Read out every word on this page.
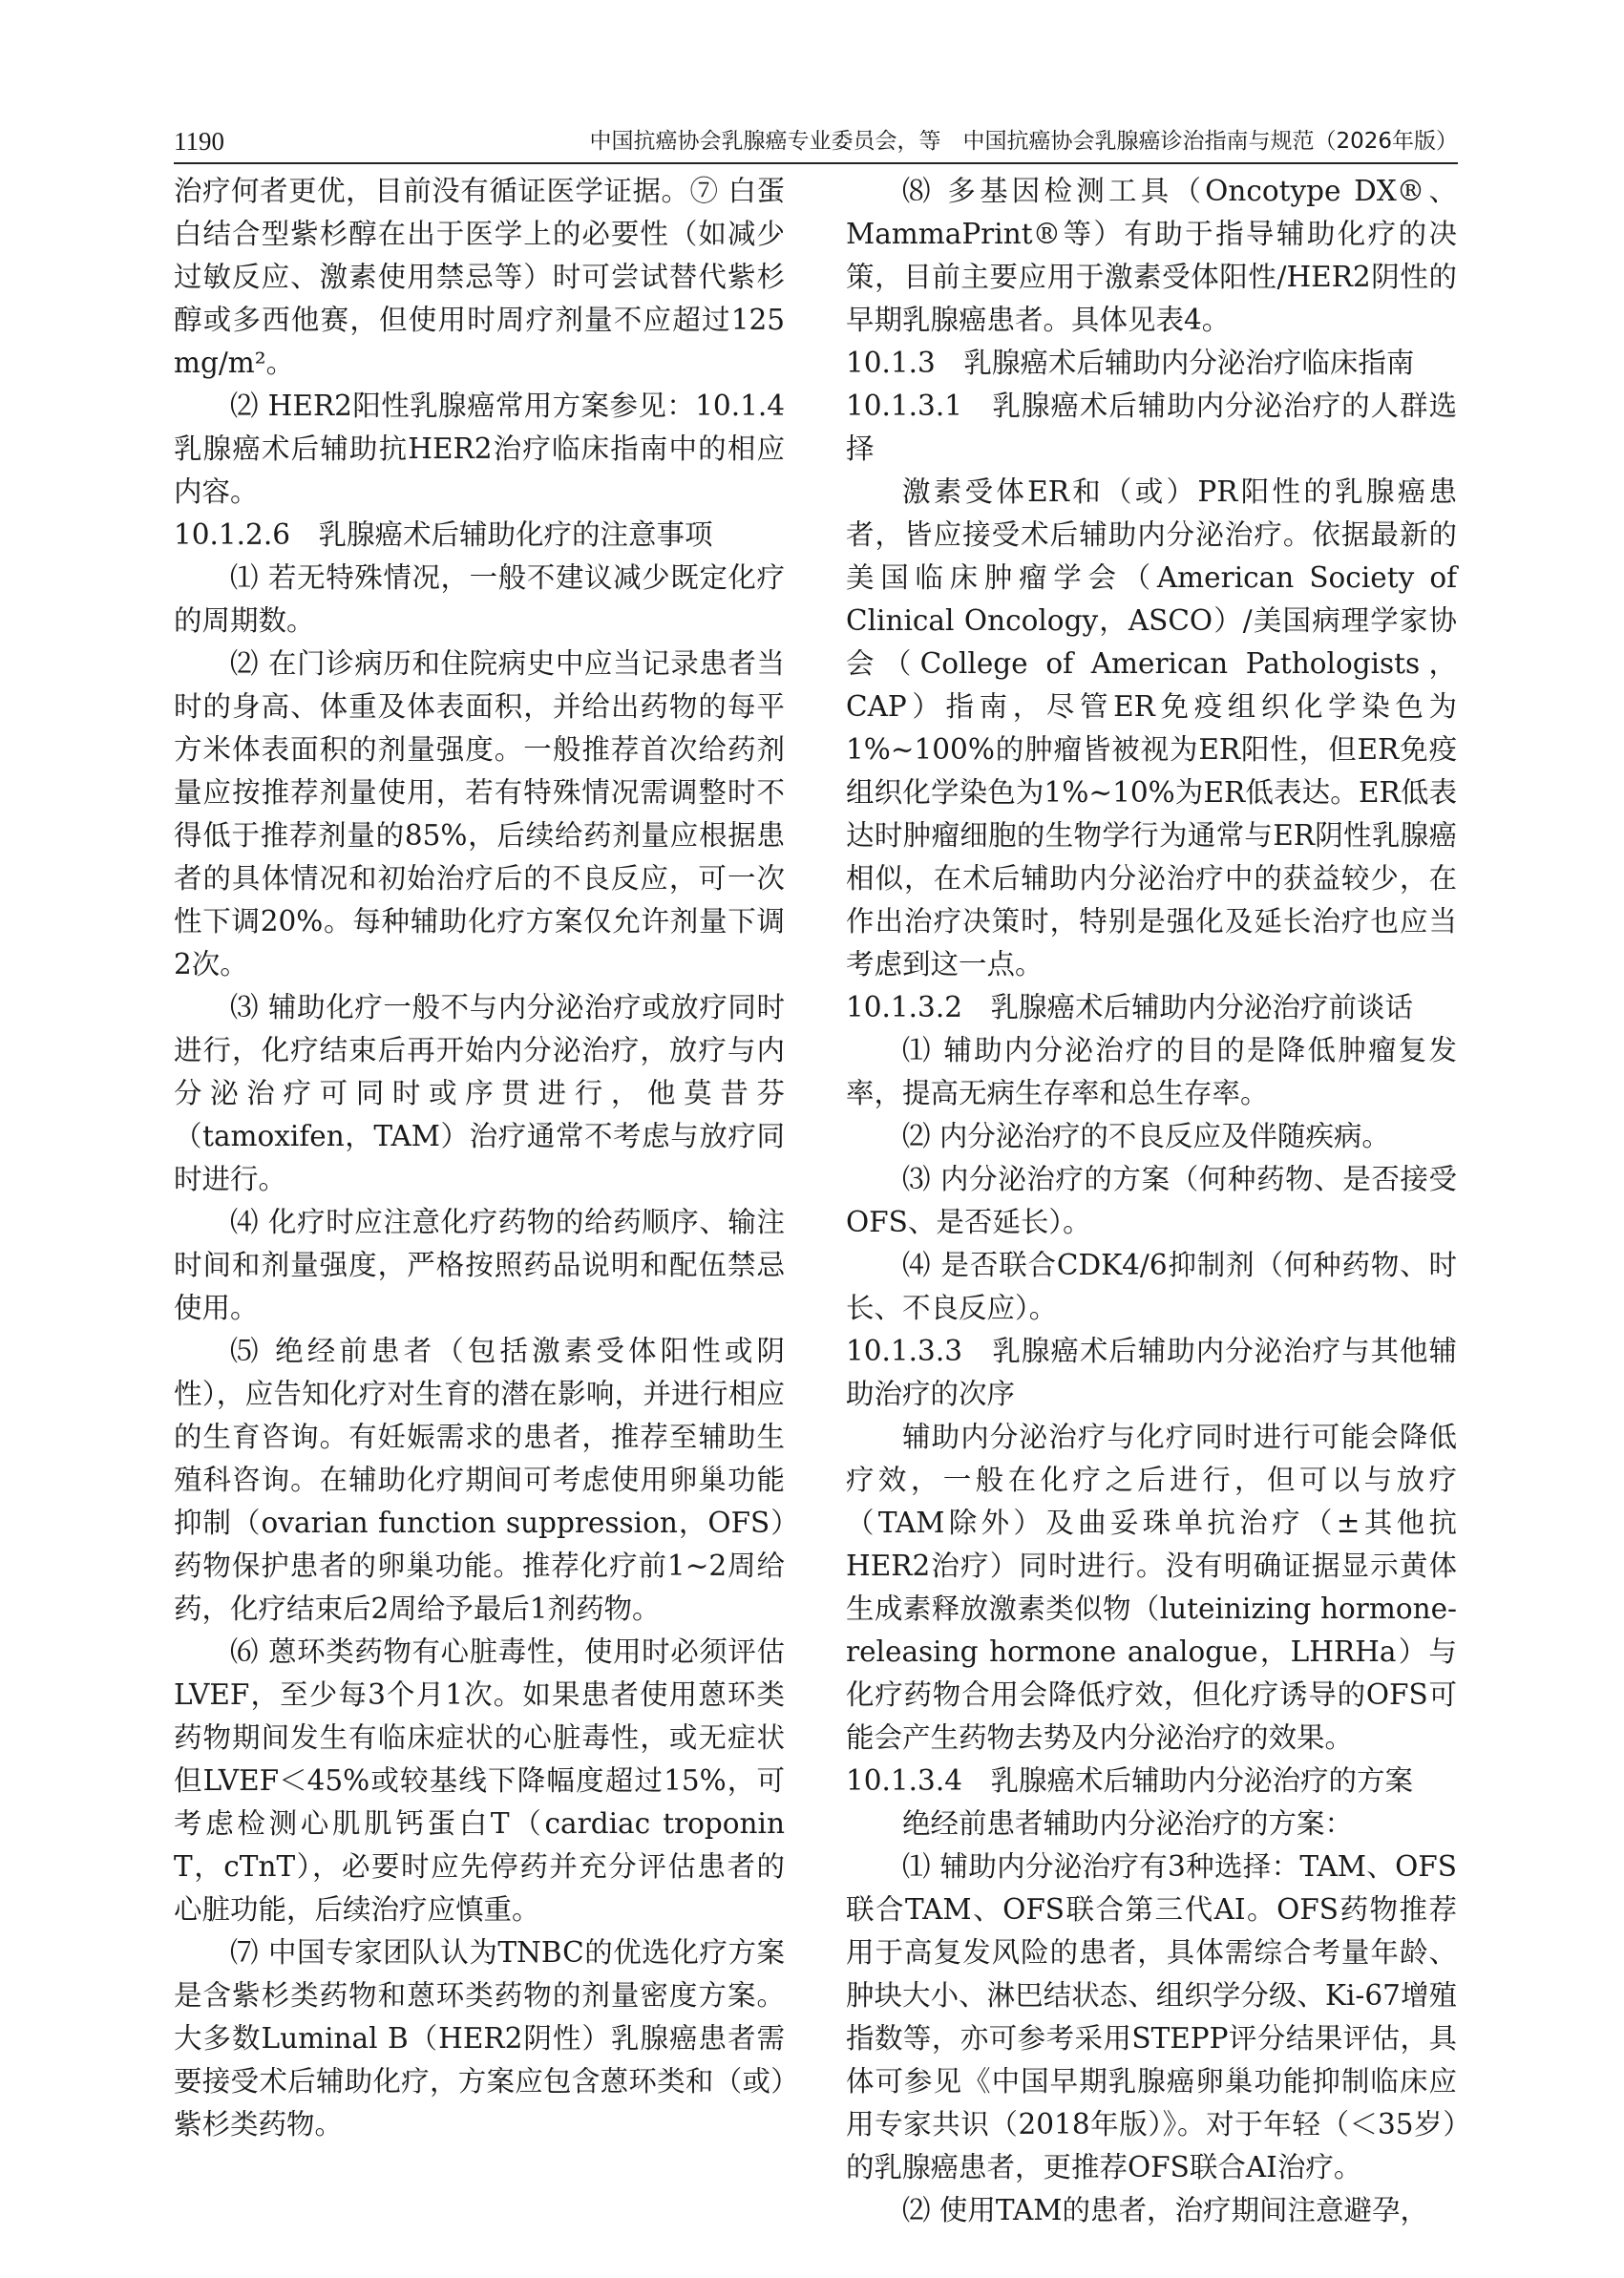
1190	中国抗癌协会乳腺癌专业委员会，等　中国抗癌协会乳腺癌诊治指南与规范（2026年版）

治疗何者更优，目前没有循证医学证据。⑦ 白蛋白结合型紫杉醇在出于医学上的必要性（如减少过敏反应、激素使用禁忌等）时可尝试替代紫杉醇或多西他赛，但使用时周疗剂量不应超过125 mg/m²。

⑵ HER2阳性乳腺癌常用方案参见：10.1.4 乳腺癌术后辅助抗HER2治疗临床指南中的相应内容。

10.1.2.6　乳腺癌术后辅助化疗的注意事项

⑴ 若无特殊情况，一般不建议减少既定化疗的周期数。

⑵ 在门诊病历和住院病史中应当记录患者当时的身高、体重及体表面积，并给出药物的每平方米体表面积的剂量强度。一般推荐首次给药剂量应按推荐剂量使用，若有特殊情况需调整时不得低于推荐剂量的85%，后续给药剂量应根据患者的具体情况和初始治疗后的不良反应，可一次性下调20%。每种辅助化疗方案仅允许剂量下调2次。

⑶ 辅助化疗一般不与内分泌治疗或放疗同时进行，化疗结束后再开始内分泌治疗，放疗与内分泌治疗可同时或序贯进行，他莫昔芬（tamoxifen，TAM）治疗通常不考虑与放疗同时进行。

⑷ 化疗时应注意化疗药物的给药顺序、输注时间和剂量强度，严格按照药品说明和配伍禁忌使用。

⑸ 绝经前患者（包括激素受体阳性或阴性），应告知化疗对生育的潜在影响，并进行相应的生育咨询。有妊娠需求的患者，推荐至辅助生殖科咨询。在辅助化疗期间可考虑使用卵巢功能抑制（ovarian function suppression，OFS）药物保护患者的卵巢功能。推荐化疗前1~2周给药，化疗结束后2周给予最后1剂药物。

⑹ 蒽环类药物有心脏毒性，使用时必须评估LVEF，至少每3个月1次。如果患者使用蒽环类药物期间发生有临床症状的心脏毒性，或无症状但LVEF＜45%或较基线下降幅度超过15%，可考虑检测心肌肌钙蛋白T（cardiac troponin T，cTnT），必要时应先停药并充分评估患者的心脏功能，后续治疗应慎重。

⑺ 中国专家团队认为TNBC的优选化疗方案是含紫杉类药物和蒽环类药物的剂量密度方案。大多数Luminal B（HER2阴性）乳腺癌患者需要接受术后辅助化疗，方案应包含蒽环类和（或）紫杉类药物。

⑻ 多基因检测工具（Oncotype DX®、MammaPrint®等）有助于指导辅助化疗的决策，目前主要应用于激素受体阳性/HER2阴性的早期乳腺癌患者。具体见表4。

10.1.3　乳腺癌术后辅助内分泌治疗临床指南

10.1.3.1　乳腺癌术后辅助内分泌治疗的人群选择

激素受体ER和（或）PR阳性的乳腺癌患者，皆应接受术后辅助内分泌治疗。依据最新的美国临床肿瘤学会（American Society of Clinical Oncology，ASCO）/美国病理学家协会（College of American Pathologists，CAP）指南，尽管ER免疫组织化学染色为1%~100%的肿瘤皆被视为ER阳性，但ER免疫组织化学染色为1%~10%为ER低表达。ER低表达时肿瘤细胞的生物学行为通常与ER阴性乳腺癌相似，在术后辅助内分泌治疗中的获益较少，在作出治疗决策时，特别是强化及延长治疗也应当考虑到这一点。

10.1.3.2　乳腺癌术后辅助内分泌治疗前谈话

⑴ 辅助内分泌治疗的目的是降低肿瘤复发率，提高无病生存率和总生存率。

⑵ 内分泌治疗的不良反应及伴随疾病。

⑶ 内分泌治疗的方案（何种药物、是否接受OFS、是否延长）。

⑷ 是否联合CDK4/6抑制剂（何种药物、时长、不良反应）。

10.1.3.3　乳腺癌术后辅助内分泌治疗与其他辅助治疗的次序

辅助内分泌治疗与化疗同时进行可能会降低疗效，一般在化疗之后进行，但可以与放疗（TAM除外）及曲妥珠单抗治疗（±其他抗HER2治疗）同时进行。没有明确证据显示黄体生成素释放激素类似物（luteinizing hormone-releasing hormone analogue，LHRHa）与化疗药物合用会降低疗效，但化疗诱导的OFS可能会产生药物去势及内分泌治疗的效果。

10.1.3.4　乳腺癌术后辅助内分泌治疗的方案

绝经前患者辅助内分泌治疗的方案：

⑴ 辅助内分泌治疗有3种选择：TAM、OFS联合TAM、OFS联合第三代AI。OFS药物推荐用于高复发风险的患者，具体需综合考量年龄、肿块大小、淋巴结状态、组织学分级、Ki-67增殖指数等，亦可参考采用STEPP评分结果评估，具体可参见《中国早期乳腺癌卵巢功能抑制临床应用专家共识（2018年版）》。对于年轻（＜35岁）的乳腺癌患者，更推荐OFS联合AI治疗。

⑵ 使用TAM的患者，治疗期间注意避孕，
